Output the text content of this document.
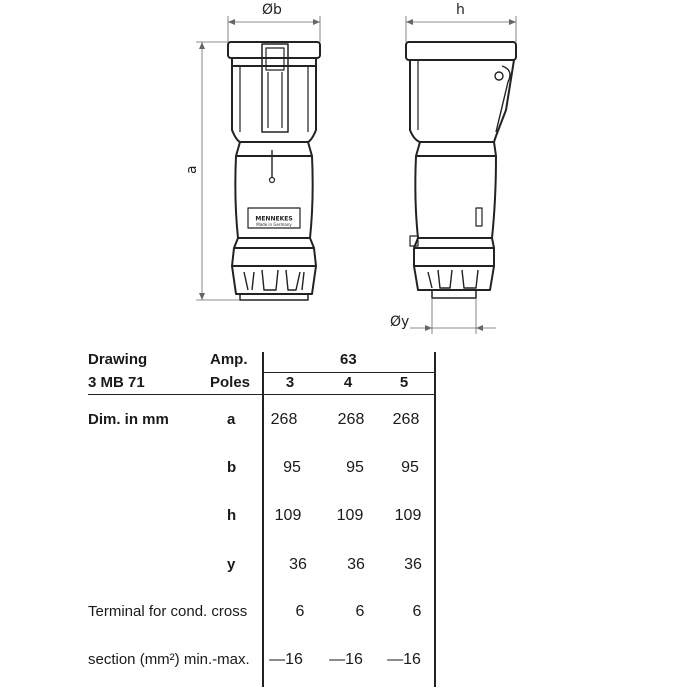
MENNEKES
Made in Germany
Øb	h
a
Øy
Drawing
3 MB 71
Amp.
Poles
63
3	4	5
Dim. in mm	a	268	268	268
b	95	95	95
h	109	109	109
y	36	36	36
Terminal for cond. cross	6	6	6
section (mm²) min.-max.	—16	—16	—16
